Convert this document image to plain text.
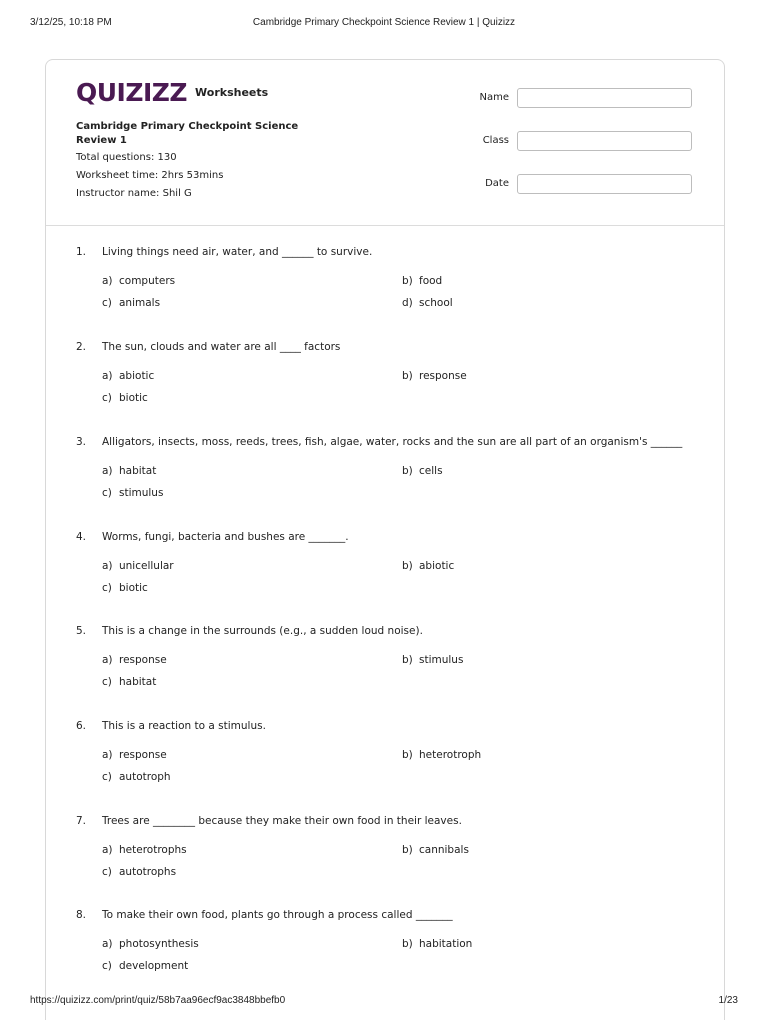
3/12/25, 10:18 PM	Cambridge Primary Checkpoint Science Review 1 | Quizizz
QUIZIZZ Worksheets
Cambridge Primary Checkpoint Science Review 1
Total questions: 130
Worksheet time: 2hrs 53mins
Instructor name: Shil G
Name
Class
Date
1. Living things need air, water, and ______ to survive.
a) computers	b) food
c) animals	d) school
2. The sun, clouds and water are all ____ factors
a) abiotic	b) response
c) biotic
3. Alligators, insects, moss, reeds, trees, fish, algae, water, rocks and the sun are all part of an organism's ______
a) habitat	b) cells
c) stimulus
4. Worms, fungi, bacteria and bushes are _______.
a) unicellular	b) abiotic
c) biotic
5. This is a change in the surrounds (e.g., a sudden loud noise).
a) response	b) stimulus
c) habitat
6. This is a reaction to a stimulus.
a) response	b) heterotroph
c) autotroph
7. Trees are ________ because they make their own food in their leaves.
a) heterotrophs	b) cannibals
c) autotrophs
8. To make their own food, plants go through a process called _______
a) photosynthesis	b) habitation
c) development
https://quizizz.com/print/quiz/58b7aa96ecf9ac3848bbefb0	1/23
